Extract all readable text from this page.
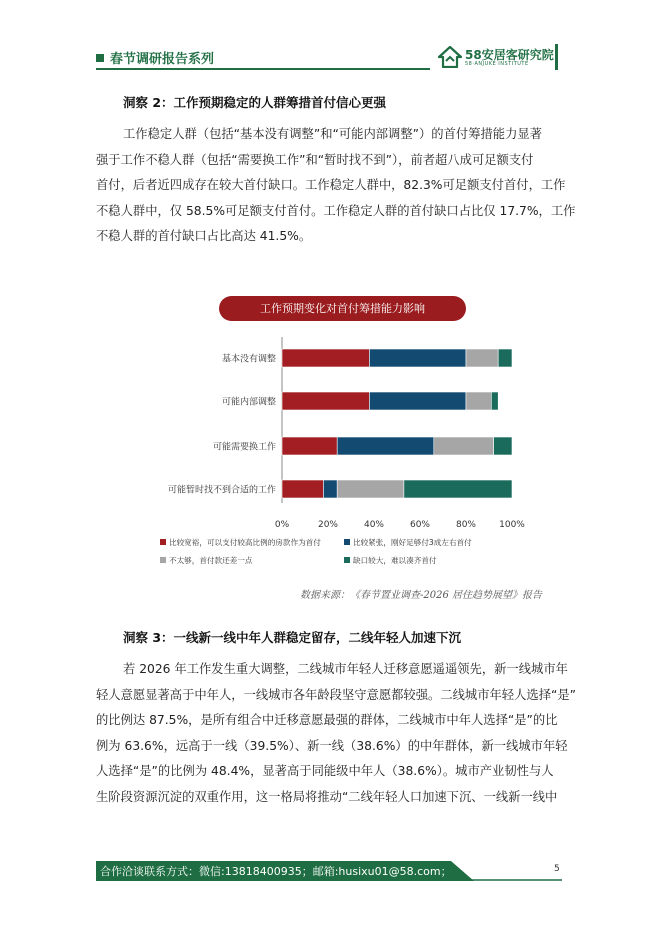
春节调研报告系列	58安居客研究院
58·ANJUKE INSTITUTE
洞察 2：工作预期稳定的人群筹措首付信心更强
工作稳定人群（包括“基本没有调整”和“可能内部调整”）的首付筹措能力显著
强于工作不稳人群（包括“需要换工作”和“暂时找不到”），前者超八成可足额支付
首付，后者近四成存在较大首付缺口。工作稳定人群中，82.3%可足额支付首付，工作
不稳人群中，仅 58.5%可足额支付首付。工作稳定人群的首付缺口占比仅 17.7%，工作
不稳人群的首付缺口占比高达 41.5%。
工作预期变化对首付筹措能力影响
基本没有调整
可能内部调整
可能需要换工作
可能暂时找不到合适的工作
0%	20%	40%	60%	80%	100%
比较宽裕，可以支付较高比例的房款作为首付	比较紧张，刚好足够付3成左右首付
不太够，首付款还差一点	缺口较大，难以凑齐首付
数据来源：《春节置业调查-2026 居住趋势展望》报告
洞察 3：一线新一线中年人群稳定留存，二线年轻人加速下沉
若 2026 年工作发生重大调整，二线城市年轻人迁移意愿遥遥领先，新一线城市年
轻人意愿显著高于中年人，一线城市各年龄段坚守意愿都较强。二线城市年轻人选择“是”
的比例达 87.5%，是所有组合中迁移意愿最强的群体，二线城市中年人选择“是”的比
例为 63.6%，远高于一线（39.5%）、新一线（38.6%）的中年群体，新一线城市年轻
人选择“是”的比例为 48.4%，显著高于同能级中年人（38.6%）。城市产业韧性与人
生阶段资源沉淀的双重作用，这一格局将推动“二线年轻人口加速下沉、一线新一线中
合作洽谈联系方式：微信:13818400935；邮箱:husixu01@58.com；	5
